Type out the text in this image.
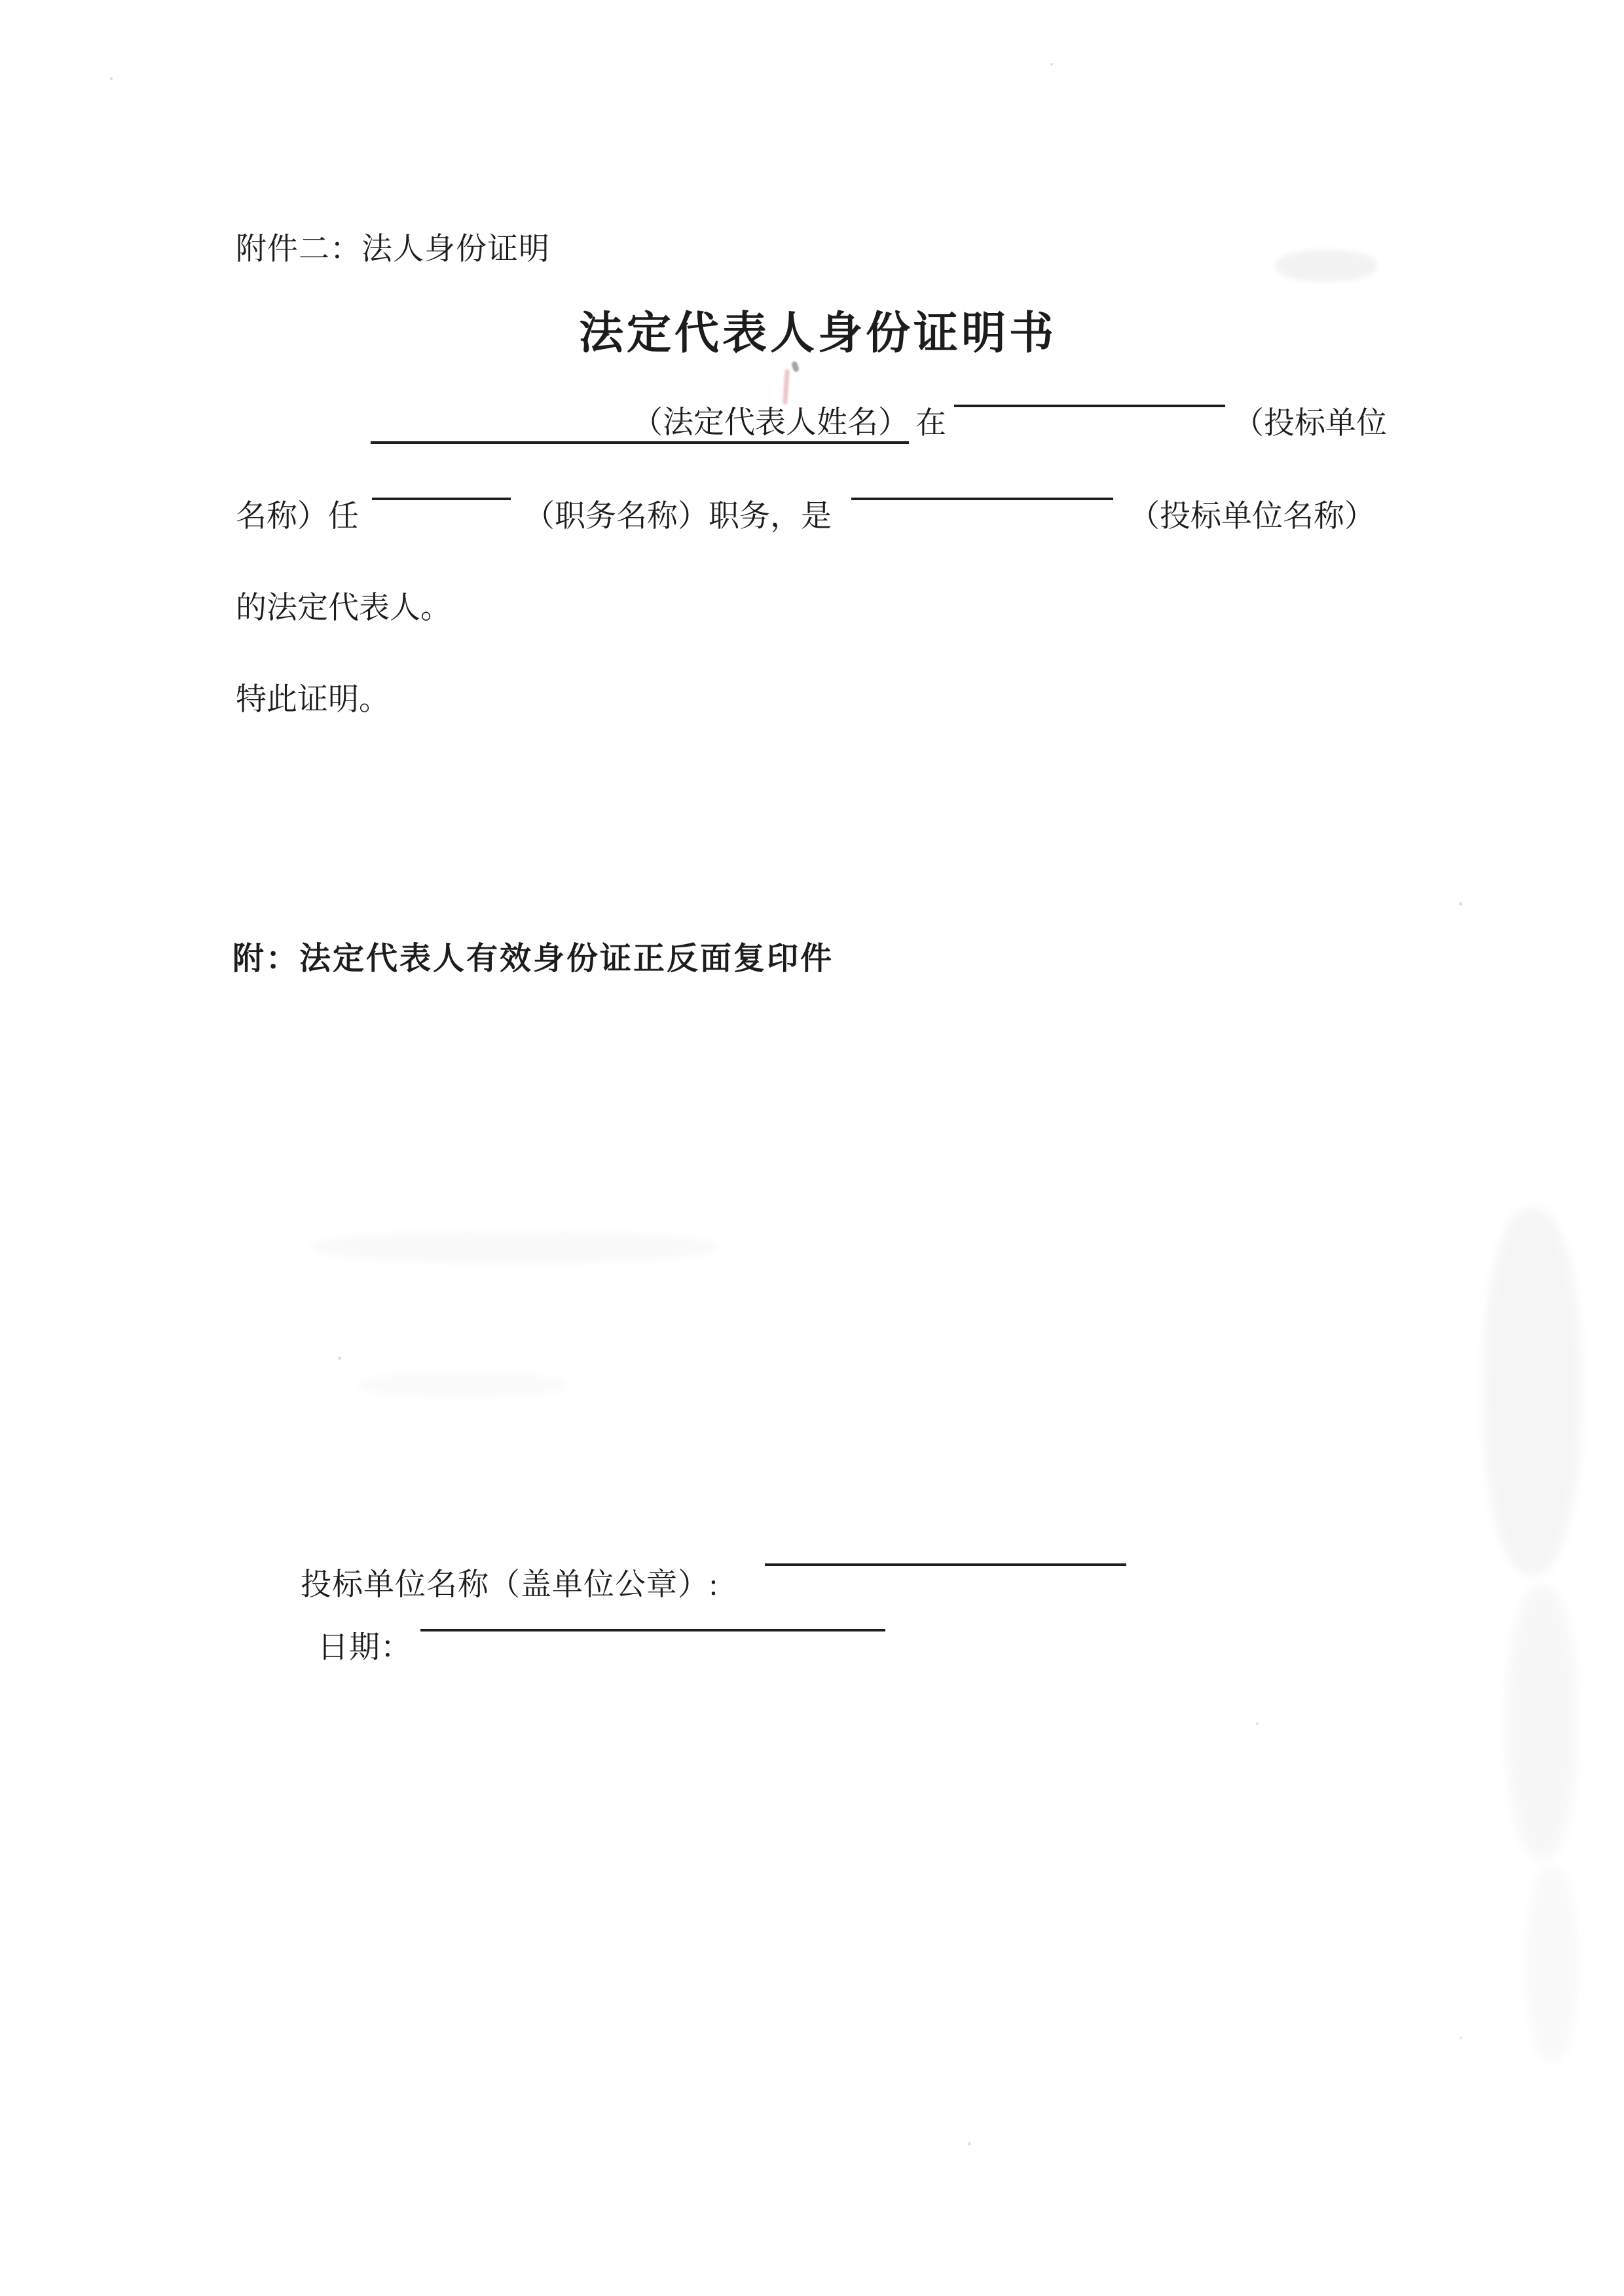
附件二：法人身份证明
法定代表人身份证明书
（法定代表人姓名） 在	（投标单位
名称）任	（职务名称）职务，是	（投标单位名称）
的法定代表人。
特此证明。
附：法定代表人有效身份证正反面复印件
投标单位名称（盖单位公章）:
日期：
